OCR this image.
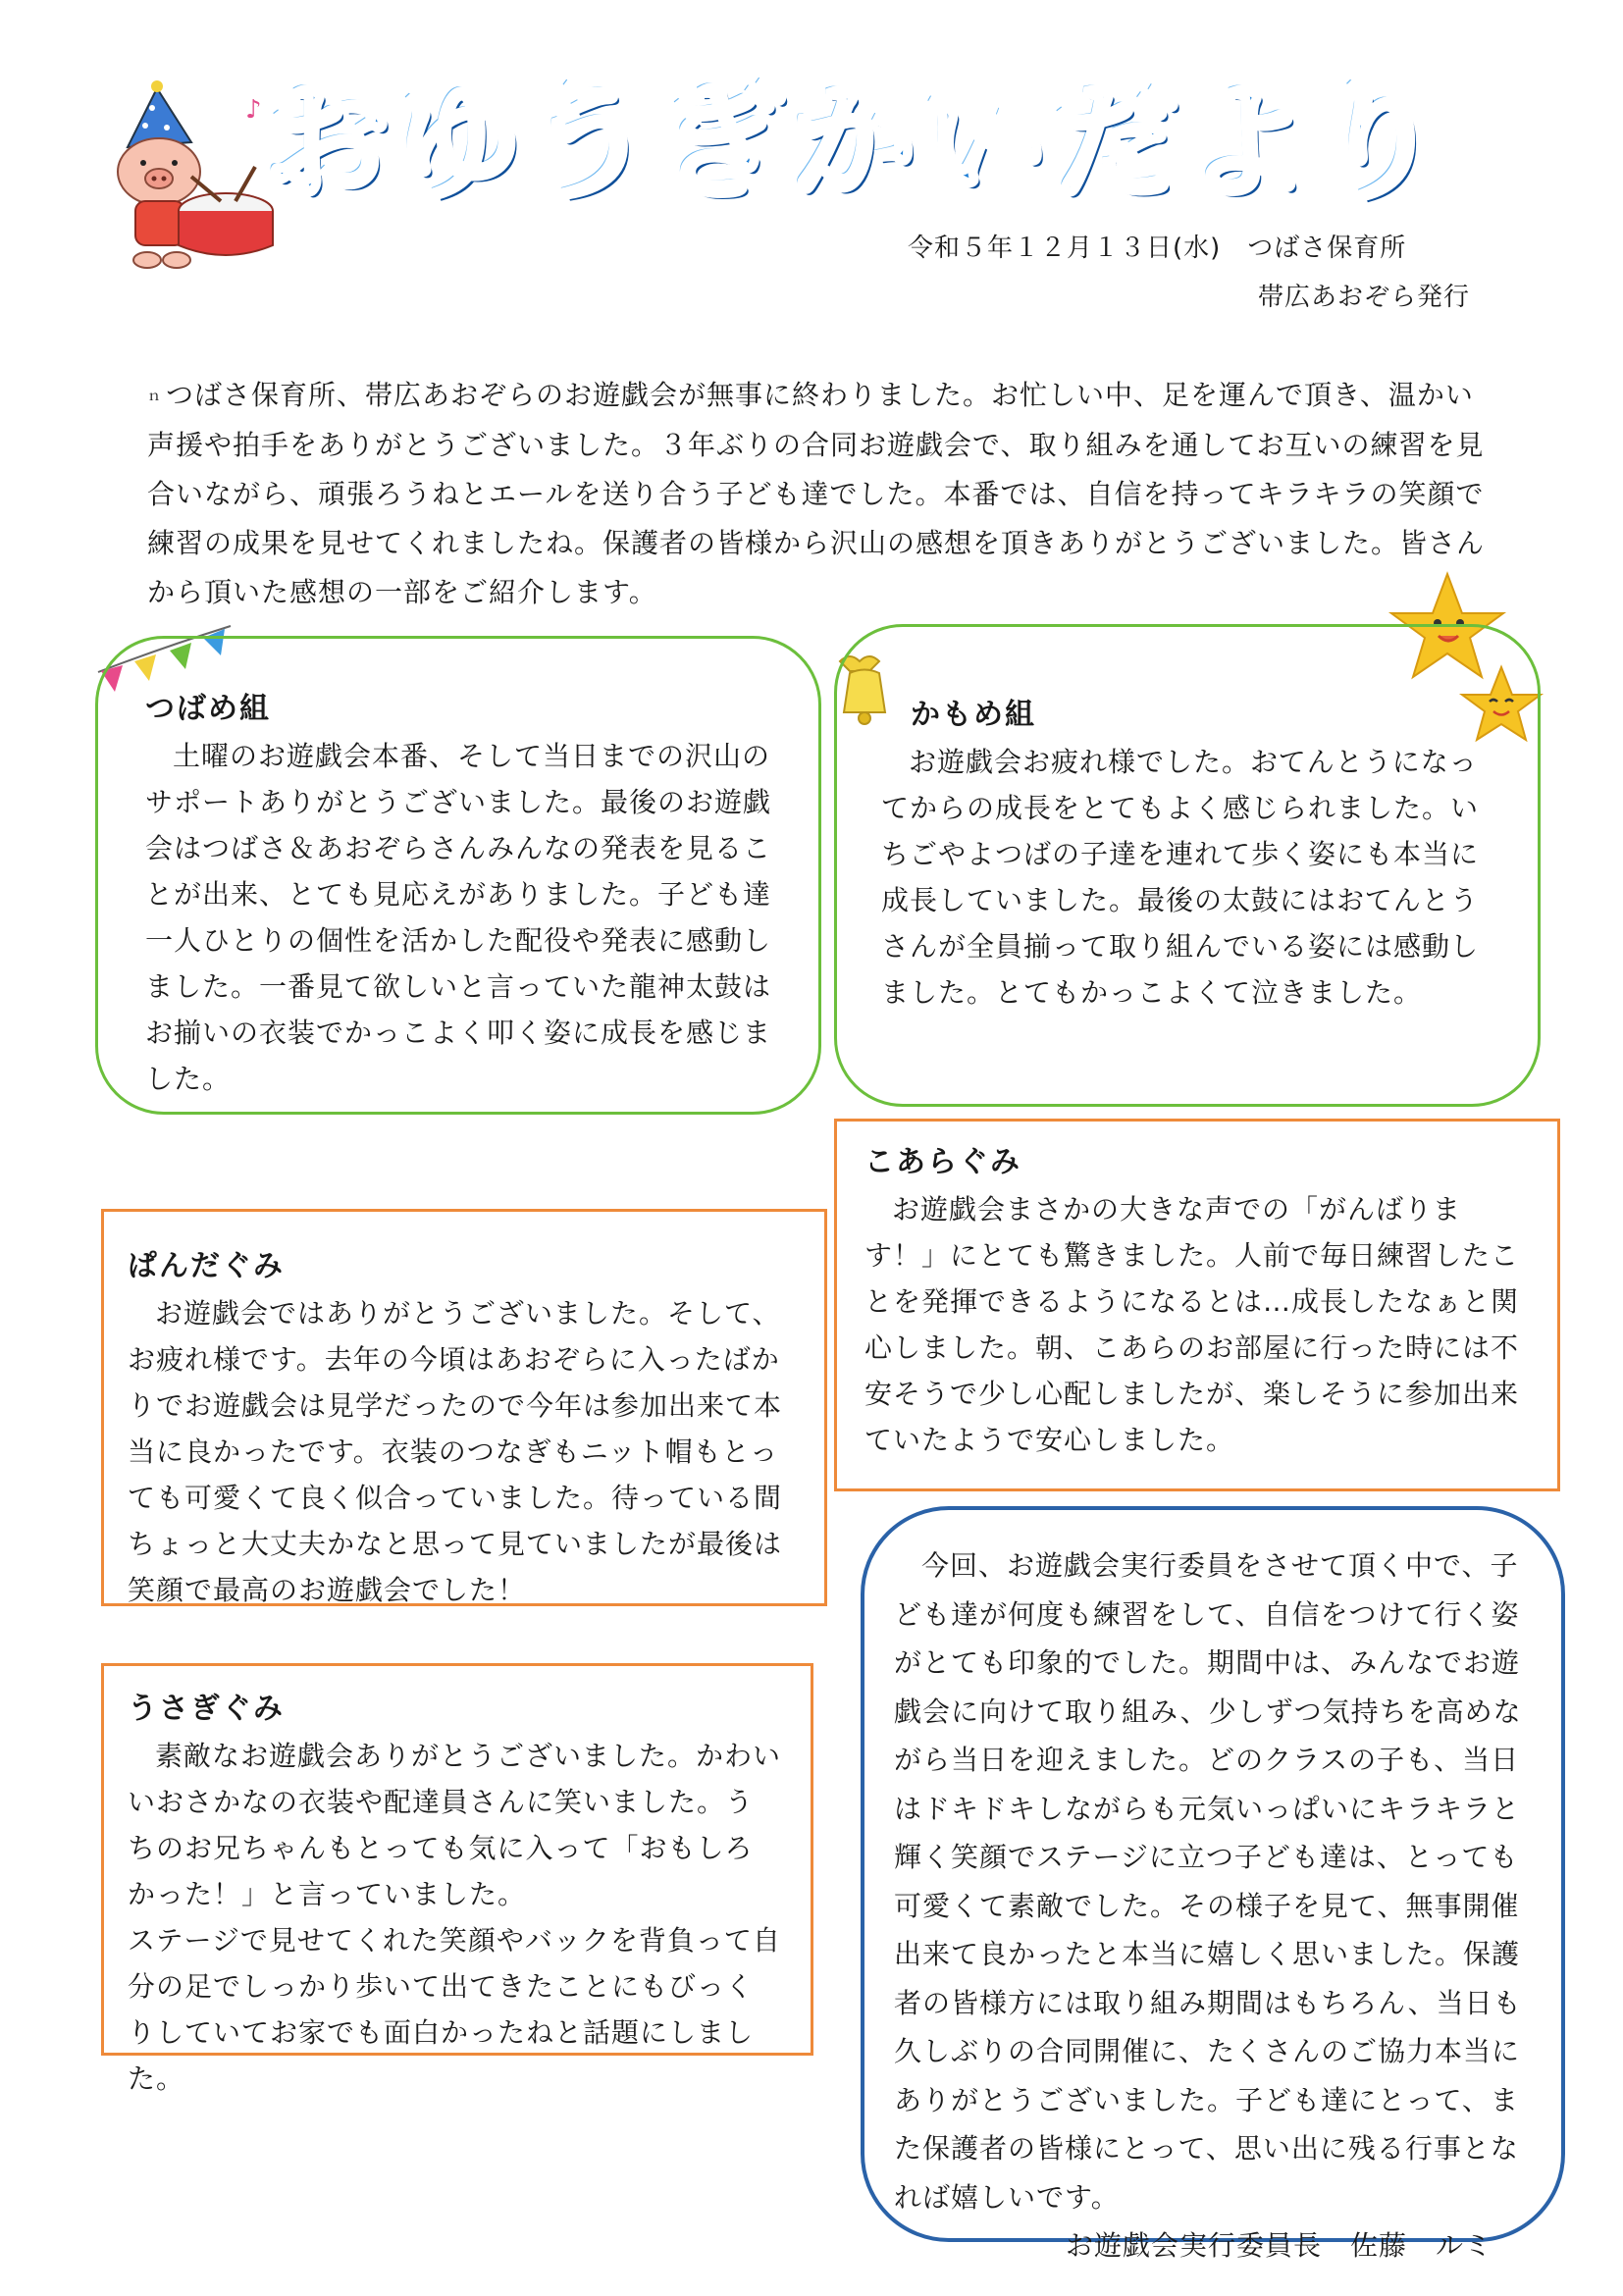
♪ おゆうぎかいだより
令和５年１２月１３日(水)　つばさ保育所
帯広あおぞら発行
ｎ つばさ保育所、帯広あおぞらのお遊戯会が無事に終わりました。お忙しい中、足を運んで頂き、温かい声援や拍手をありがとうございました。３年ぶりの合同お遊戯会で、取り組みを通してお互いの練習を見合いながら、頑張ろうねとエールを送り合う子ども達でした。本番では、自信を持ってキラキラの笑顔で練習の成果を見せてくれましたね。保護者の皆様から沢山の感想を頂きありがとうございました。皆さんから頂いた感想の一部をご紹介します。
つばめ組

土曜のお遊戯会本番、そして当日までの沢山のサポートありがとうございました。最後のお遊戯会はつばさ＆あおぞらさんみんなの発表を見ることが出来、とても見応えがありました。子ども達一人ひとりの個性を活かした配役や発表に感動しました。一番見て欲しいと言っていた龍神太鼓はお揃いの衣装でかっこよく叩く姿に成長を感じました。

かもめ組

お遊戯会お疲れ様でした。おてんとうになってからの成長をとてもよく感じられました。いちごやよつばの子達を連れて歩く姿にも本当に成長していました。最後の太鼓にはおてんとうさんが全員揃って取り組んでいる姿には感動しました。とてもかっこよくて泣きました。

こあらぐみ

お遊戯会まさかの大きな声での「がんばります！」にとても驚きました。人前で毎日練習したことを発揮できるようになるとは…成長したなぁと関心しました。朝、こあらのお部屋に行った時には不安そうで少し心配しましたが、楽しそうに参加出来ていたようで安心しました。

ぱんだぐみ

お遊戯会ではありがとうございました。そして、お疲れ様です。去年の今頃はあおぞらに入ったばかりでお遊戯会は見学だったので今年は参加出来て本当に良かったです。衣装のつなぎもニット帽もとっても可愛くて良く似合っていました。待っている間ちょっと大丈夫かなと思って見ていましたが最後は笑顔で最高のお遊戯会でした！

うさぎぐみ

素敵なお遊戯会ありがとうございました。かわいいおさかなの衣装や配達員さんに笑いました。うちのお兄ちゃんもとっても気に入って「おもしろかった！」と言っていました。

ステージで見せてくれた笑顔やバックを背負って自分の足でしっかり歩いて出てきたことにもびっくりしていてお家でも面白かったねと話題にしました。

今回、お遊戯会実行委員をさせて頂く中で、子ども達が何度も練習をして、自信をつけて行く姿がとても印象的でした。期間中は、みんなでお遊戯会に向けて取り組み、少しずつ気持ちを高めながら当日を迎えました。どのクラスの子も、当日はドキドキしながらも元気いっぱいにキラキラと輝く笑顔でステージに立つ子ども達は、とっても可愛くて素敵でした。その様子を見て、無事開催出来て良かったと本当に嬉しく思いました。保護者の皆様方には取り組み期間はもちろん、当日も久しぶりの合同開催に、たくさんのご協力本当にありがとうございました。子ども達にとって、また保護者の皆様にとって、思い出に残る行事となれば嬉しいです。

お遊戯会実行委員長　佐藤　ルミ
